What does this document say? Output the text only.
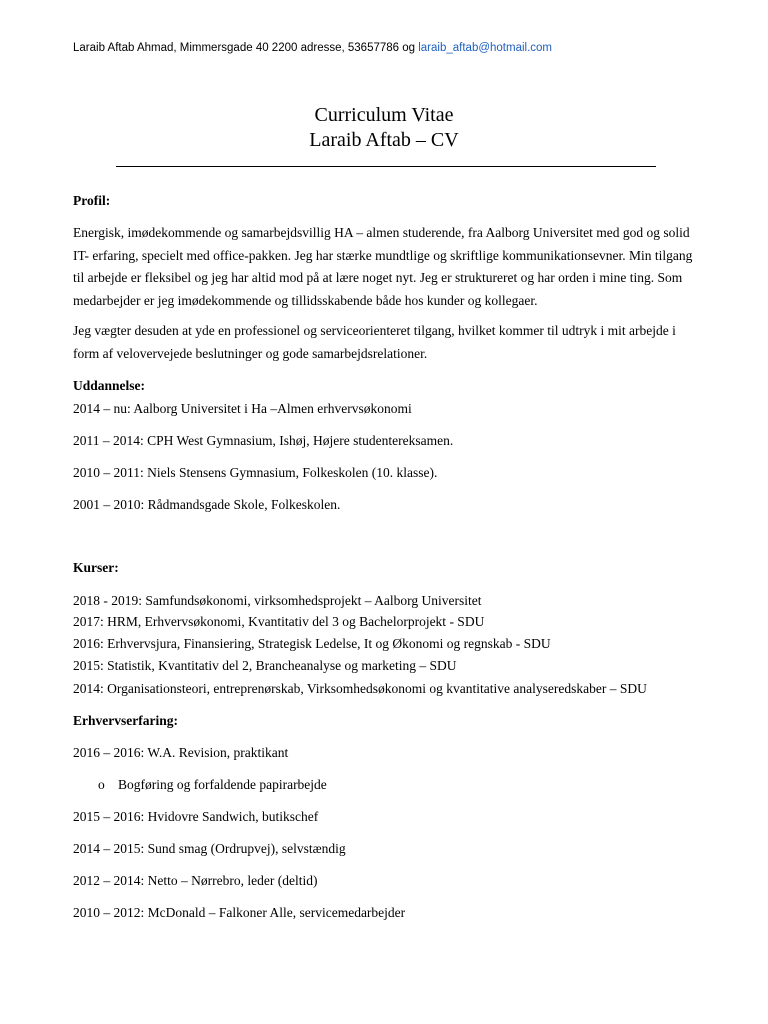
Laraib Aftab Ahmad, Mimmersgade 40 2200 adresse, 53657786 og laraib_aftab@hotmail.com
Curriculum Vitae
Laraib Aftab – CV
Profil:
Energisk, imødekommende og samarbejdsvillig HA – almen studerende, fra Aalborg Universitet med god og solid IT- erfaring, specielt med office-pakken. Jeg har stærke mundtlige og skriftlige kommunikationsevner. Min tilgang til arbejde er fleksibel og jeg har altid mod på at lære noget nyt. Jeg er struktureret og har orden i mine ting. Som medarbejder er jeg imødekommende og tillidsskabende både hos kunder og kollegaer.
Jeg vægter desuden at yde en professionel og serviceorienteret tilgang, hvilket kommer til udtryk i mit arbejde i form af velovervejede beslutninger og gode samarbejdsrelationer.
Uddannelse:
2014 – nu: Aalborg Universitet i Ha –Almen erhvervsøkonomi
2011 – 2014: CPH West Gymnasium, Ishøj, Højere studentereksamen.
2010 – 2011: Niels Stensens Gymnasium, Folkeskolen (10. klasse).
2001 – 2010: Rådmandsgade Skole, Folkeskolen.
Kurser:
2018 - 2019: Samfundsøkonomi, virksomhedsprojekt – Aalborg Universitet
2017: HRM, Erhvervsøkonomi, Kvantitativ del 3 og Bachelorprojekt - SDU
2016: Erhvervsjura, Finansiering, Strategisk Ledelse, It og Økonomi og regnskab - SDU
2015: Statistik, Kvantitativ del 2, Brancheanalyse og marketing – SDU
2014: Organisationsteori, entreprenørskab, Virksomhedsøkonomi og kvantitative analyseredskaber – SDU
Erhvervserfaring:
2016 – 2016: W.A. Revision, praktikant
o Bogføring og forfaldende papirarbejde
2015 – 2016: Hvidovre Sandwich, butikschef
2014 – 2015: Sund smag (Ordrupvej), selvstændig
2012 – 2014: Netto – Nørrebro, leder (deltid)
2010 – 2012: McDonald – Falkoner Alle, servicemedarbejder
